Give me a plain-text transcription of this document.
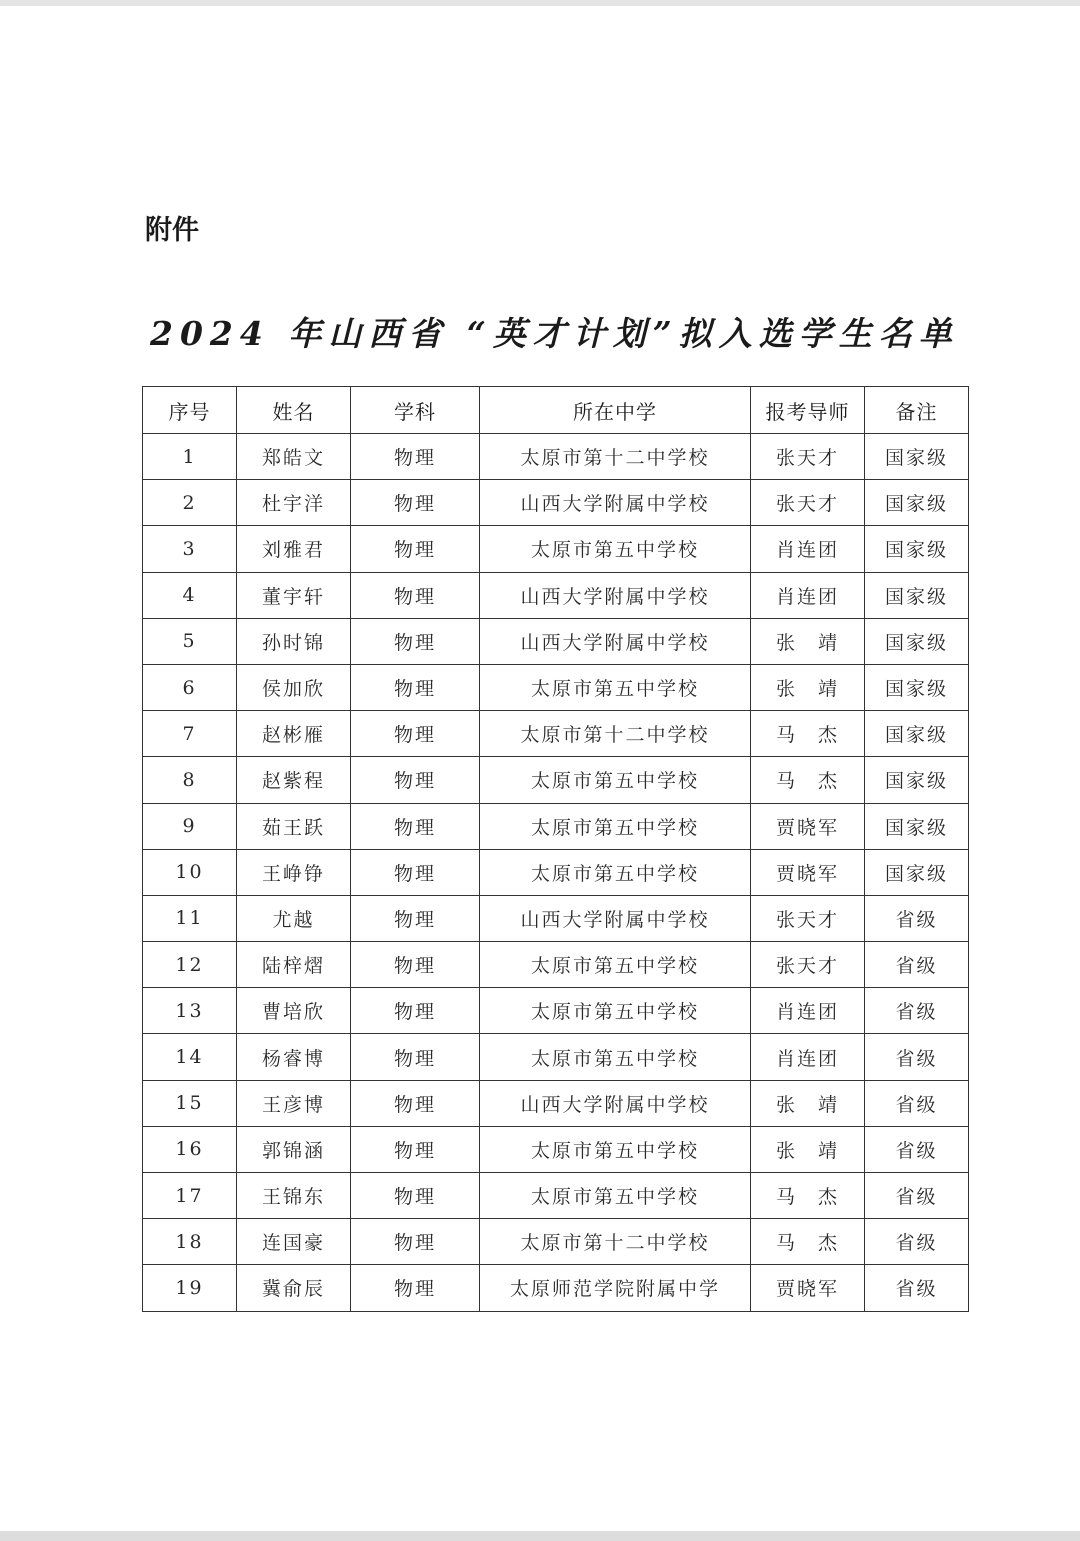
附件
2024 年山西省 “英才计划”拟入选学生名单
序号	姓名	学科	所在中学	报考导师	备注
1	郑皓文	物理	太原市第十二中学校	张天才	国家级
2	杜宇洋	物理	山西大学附属中学校	张天才	国家级
3	刘雅君	物理	太原市第五中学校	肖连团	国家级
4	董宇轩	物理	山西大学附属中学校	肖连团	国家级
5	孙时锦	物理	山西大学附属中学校	张　靖	国家级
6	侯加欣	物理	太原市第五中学校	张　靖	国家级
7	赵彬雁	物理	太原市第十二中学校	马　杰	国家级
8	赵紫程	物理	太原市第五中学校	马　杰	国家级
9	茹王跃	物理	太原市第五中学校	贾晓军	国家级
10	王峥铮	物理	太原市第五中学校	贾晓军	国家级
11	尤越	物理	山西大学附属中学校	张天才	省级
12	陆梓熠	物理	太原市第五中学校	张天才	省级
13	曹培欣	物理	太原市第五中学校	肖连团	省级
14	杨睿博	物理	太原市第五中学校	肖连团	省级
15	王彦博	物理	山西大学附属中学校	张　靖	省级
16	郭锦涵	物理	太原市第五中学校	张　靖	省级
17	王锦东	物理	太原市第五中学校	马　杰	省级
18	连国豪	物理	太原市第十二中学校	马　杰	省级
19	冀俞辰	物理	太原师范学院附属中学	贾晓军	省级
